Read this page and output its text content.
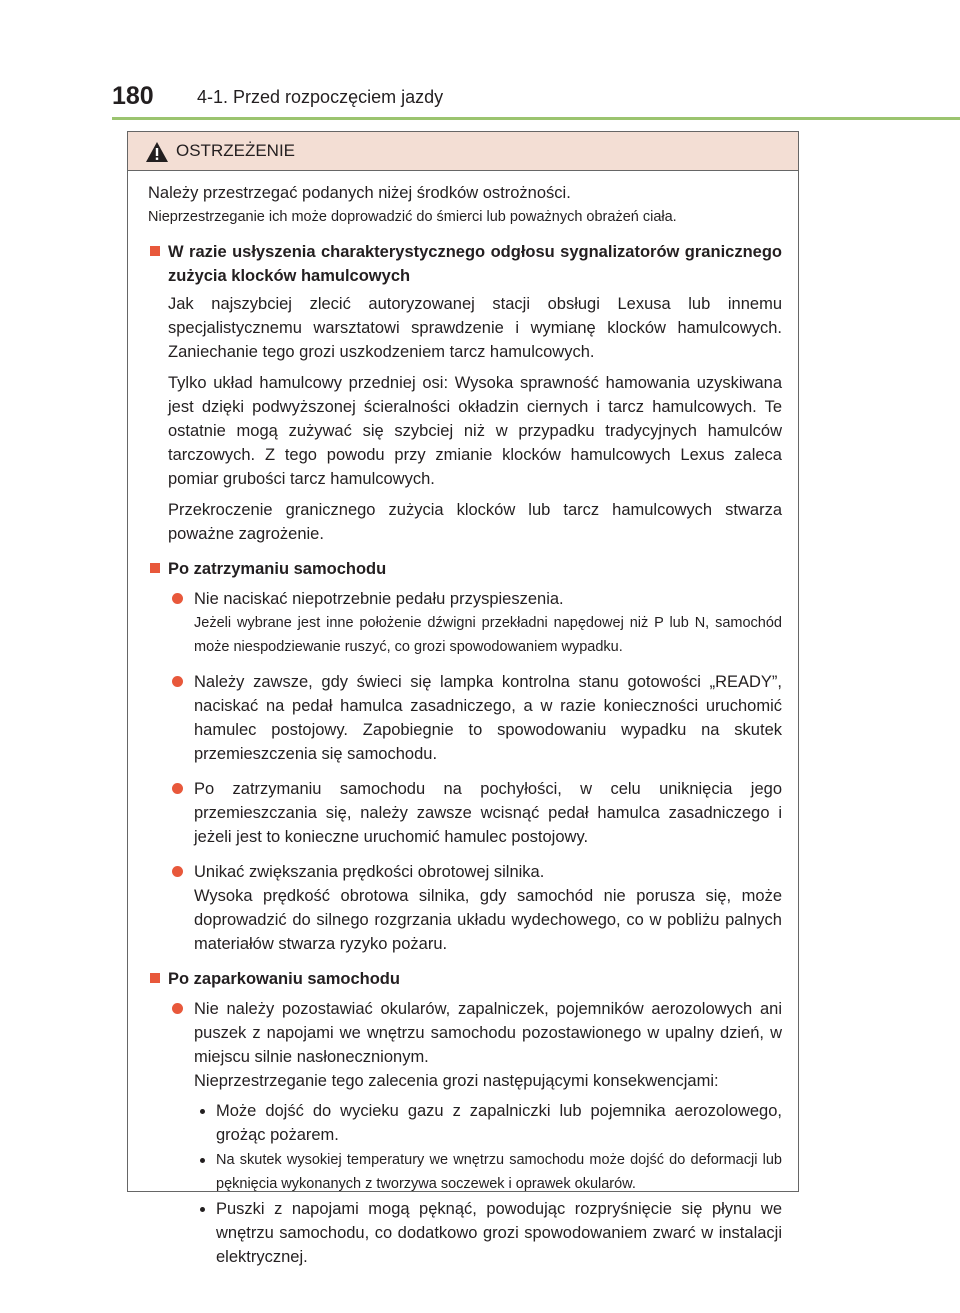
180 4-1. Przed rozpoczęciem jazdy
OSTRZEŻENIE

Należy przestrzegać podanych niżej środków ostrożności.

Nieprzestrzeganie ich może doprowadzić do śmierci lub poważnych obrażeń ciała.

W razie usłyszenia charakterystycznego odgłosu sygnalizatorów granicznego zużycia klocków hamulcowych

Jak najszybciej zlecić autoryzowanej stacji obsługi Lexusa lub innemu specjalistycznemu warsztatowi sprawdzenie i wymianę klocków hamulcowych. Zaniechanie tego grozi uszkodzeniem tarcz hamulcowych.

Tylko układ hamulcowy przedniej osi: Wysoka sprawność hamowania uzyskiwana jest dzięki podwyższonej ścieralności okładzin ciernych i tarcz hamulcowych. Te ostatnie mogą zużywać się szybciej niż w przypadku tradycyjnych hamulców tarczowych. Z tego powodu przy zmianie klocków hamulcowych Lexus zaleca pomiar grubości tarcz hamulcowych.

Przekroczenie granicznego zużycia klocków lub tarcz hamulcowych stwarza poważne zagrożenie.

Po zatrzymaniu samochodu

Nie naciskać niepotrzebnie pedału przyspieszenia.

Jeżeli wybrane jest inne położenie dźwigni przekładni napędowej niż P lub N, samochód może niespodziewanie ruszyć, co grozi spowodowaniem wypadku.

Należy zawsze, gdy świeci się lampka kontrolna stanu gotowości „READY”, naciskać na pedał hamulca zasadniczego, a w razie konieczności uruchomić hamulec postojowy. Zapobiegnie to spowodowaniu wypadku na skutek przemieszczenia się samochodu.

Po zatrzymaniu samochodu na pochyłości, w celu uniknięcia jego przemieszczania się, należy zawsze wcisnąć pedał hamulca zasadniczego i jeżeli jest to konieczne uruchomić hamulec postojowy.

Unikać zwiększania prędkości obrotowej silnika.

Wysoka prędkość obrotowa silnika, gdy samochód nie porusza się, może doprowadzić do silnego rozgrzania układu wydechowego, co w pobliżu palnych materiałów stwarza ryzyko pożaru.

Po zaparkowaniu samochodu

Nie należy pozostawiać okularów, zapalniczek, pojemników aerozolowych ani puszek z napojami we wnętrzu samochodu pozostawionego w upalny dzień, w miejscu silnie nasłonecznionym.

Nieprzestrzeganie tego zalecenia grozi następującymi konsekwencjami:

Może dojść do wycieku gazu z zapalniczki lub pojemnika aerozolowego, grożąc pożarem.

Na skutek wysokiej temperatury we wnętrzu samochodu może dojść do deformacji lub pęknięcia wykonanych z tworzywa soczewek i oprawek okularów.

Puszki z napojami mogą pęknąć, powodując rozpryśnięcie się płynu we wnętrzu samochodu, co dodatkowo grozi spowodowaniem zwarć w instalacji elektrycznej.
